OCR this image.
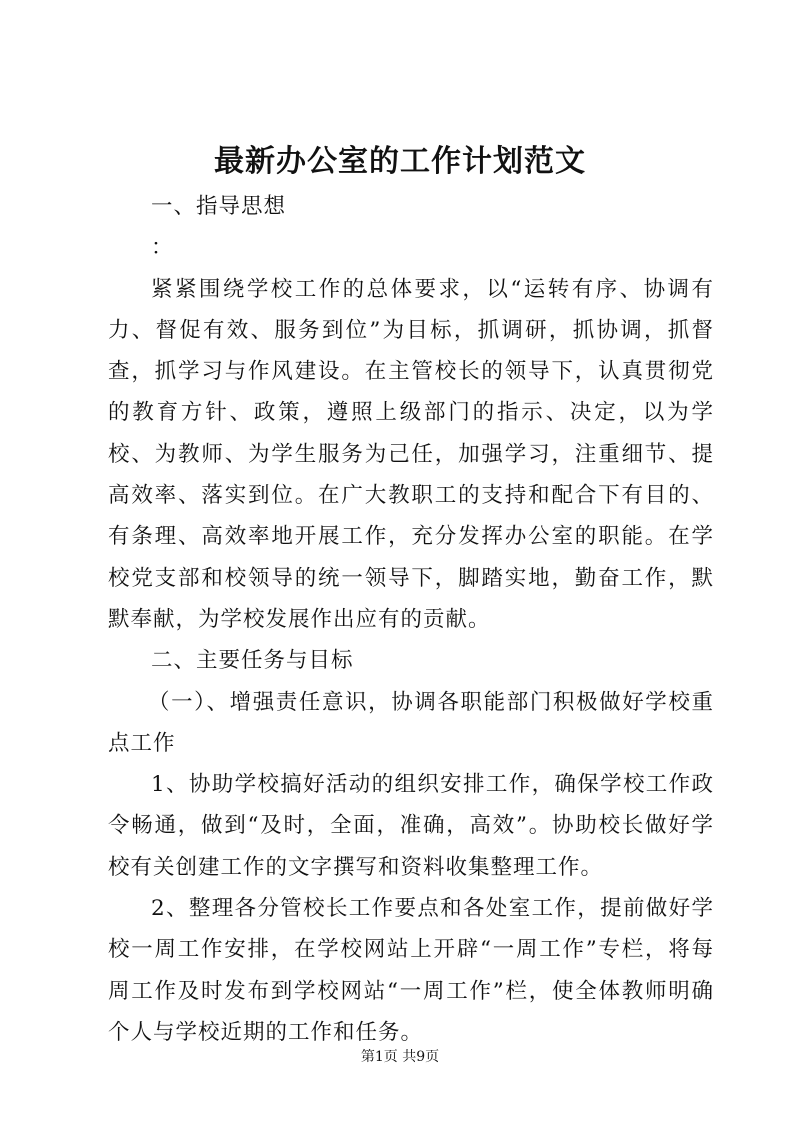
最新办公室的工作计划范文

一、指导思想

：

紧紧围绕学校工作的总体要求，以“运转有序、协调有力、督促有效、服务到位”为目标，抓调研，抓协调，抓督查，抓学习与作风建设。在主管校长的领导下，认真贯彻党的教育方针、政策，遵照上级部门的指示、决定，以为学校、为教师、为学生服务为己任，加强学习，注重细节、提高效率、落实到位。在广大教职工的支持和配合下有目的、有条理、高效率地开展工作，充分发挥办公室的职能。在学校党支部和校领导的统一领导下，脚踏实地，勤奋工作，默默奉献，为学校发展作出应有的贡献。

二、主要任务与目标

（一）、增强责任意识，协调各职能部门积极做好学校重点工作

1、协助学校搞好活动的组织安排工作，确保学校工作政令畅通，做到“及时，全面，准确，高效”。协助校长做好学校有关创建工作的文字撰写和资料收集整理工作。

2、整理各分管校长工作要点和各处室工作，提前做好学校一周工作安排，在学校网站上开辟“一周工作”专栏，将每周工作及时发布到学校网站“一周工作”栏，使全体教师明确个人与学校近期的工作和任务。

第1页 共9页
